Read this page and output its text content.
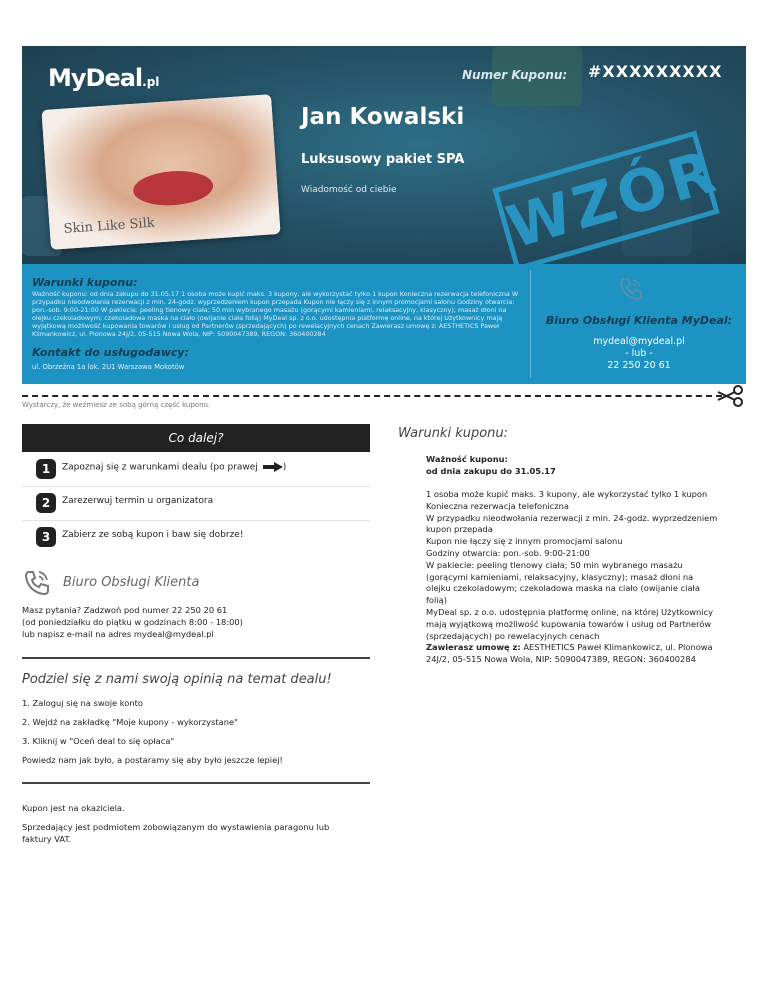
MyDeal.pl	Numer Kuponu: #XXXXXXXXX
Skin Like Silk
Jan Kowalski
Luksusowy pakiet SPA
Wiadomość od ciebie WZÓR
Warunki kuponu:
Ważność kuponu: od dnia zakupu do 31.05.17 1 osoba może kupić maks. 3 kupony, ale wykorzystać tylko 1 kupon Konieczna rezerwacja telefoniczna W przypadku nieodwołania rezerwacji z min. 24-godz. wyprzedzeniem kupon przepada Kupon nie łączy się z innym promocjami salonu Godziny otwarcia: pon.-sob. 9:00-21:00 W pakiecie: peeling tlenowy ciała; 50 min wybranego masażu (gorącymi kamieniami, relaksacyjny, klasyczny); masaż dłoni na olejku czekoladowym; czekoladowa maska na ciało (owijanie ciała folią) MyDeal sp. z o.o. udostępnia platformę online, na której Użytkownicy mają wyjątkową możliwość kupowania towarów i usług od Partnerów (sprzedających) po rewelacyjnych cenach Zawierasz umowę z: AESTHETICS Paweł Klimankowicz, ul. Plonowa 24J/2, 05-515 Nowa Wola, NIP: 5090047389, REGON: 360400284
Kontakt do usługodawcy:
ul. Obrzeżna 1a lok. 2U1 Warszawa Mokotów
Biuro Obsługi Klienta MyDeal:
mydeal@mydeal.pl
- lub -
22 250 20 61
Wystarczy, że weźmiesz ze sobą górną część kuponu.
Co dalej?
1	Zapoznaj się z warunkami dealu (po prawej	)
2	Zarezerwuj termin u organizatora
3	Zabierz ze sobą kupon i baw się dobrze!
Biuro Obsługi Klienta
Masz pytania? Zadzwoń pod numer 22 250 20 61
(od poniedziałku do piątku w godzinach 8:00 - 18:00)
lub napisz e-mail na adres mydeal@mydeal.pl
Podziel się z nami swoją opinią na temat dealu!
1. Zaloguj się na swoje konto
2. Wejdź na zakładkę "Moje kupony - wykorzystane"
3. Kliknij w "Oceń deal to się opłaca"
Powiedz nam jak było, a postaramy się aby było jeszcze lepiej!
Kupon jest na okaziciela.
Sprzedający jest podmiotem zobowiązanym do wystawienia paragonu lub
faktury VAT.
Warunki kuponu:
Ważność kuponu:
od dnia zakupu do 31.05.17
1 osoba może kupić maks. 3 kupony, ale wykorzystać tylko 1 kupon
Konieczna rezerwacja telefoniczna
W przypadku nieodwołania rezerwacji z min. 24-godz. wyprzedzeniem
kupon przepada
Kupon nie łączy się z innym promocjami salonu
Godziny otwarcia: pon.-sob. 9:00-21:00
W pakiecie: peeling tlenowy ciała; 50 min wybranego masażu
(gorącymi kamieniami, relaksacyjny, klasyczny); masaż dłoni na
olejku czekoladowym; czekoladowa maska na ciało (owijanie ciała
folią)
MyDeal sp. z o.o. udostępnia platformę online, na której Użytkownicy
mają wyjątkową możliwość kupowania towarów i usług od Partnerów
(sprzedających) po rewelacyjnych cenach
Zawierasz umowę z: AESTHETICS Paweł Klimankowicz, ul. Plonowa
24J/2, 05-515 Nowa Wola, NIP: 5090047389, REGON: 360400284
